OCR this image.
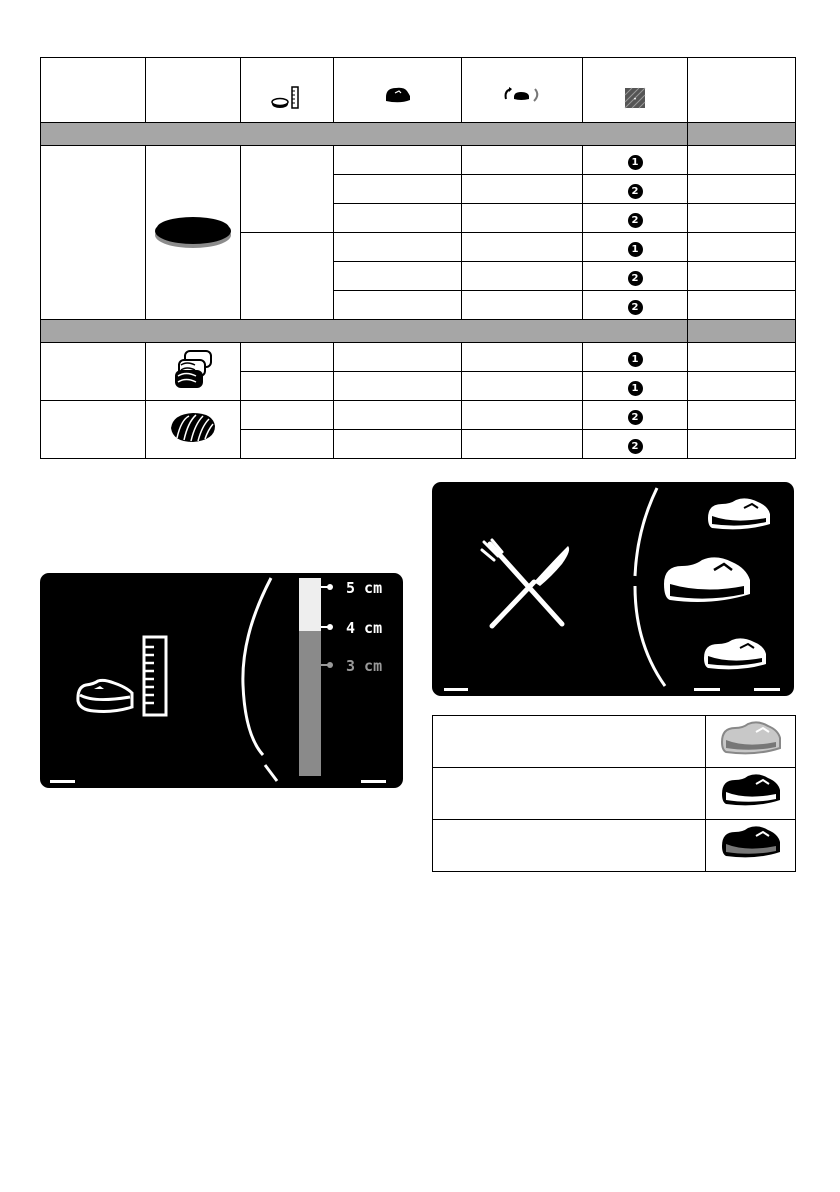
•	

					1	
					2	
					2	
					1	
					2	
					2	

					1	
					1	
					2	
					2	
5 cm
4 cm
3 cm
